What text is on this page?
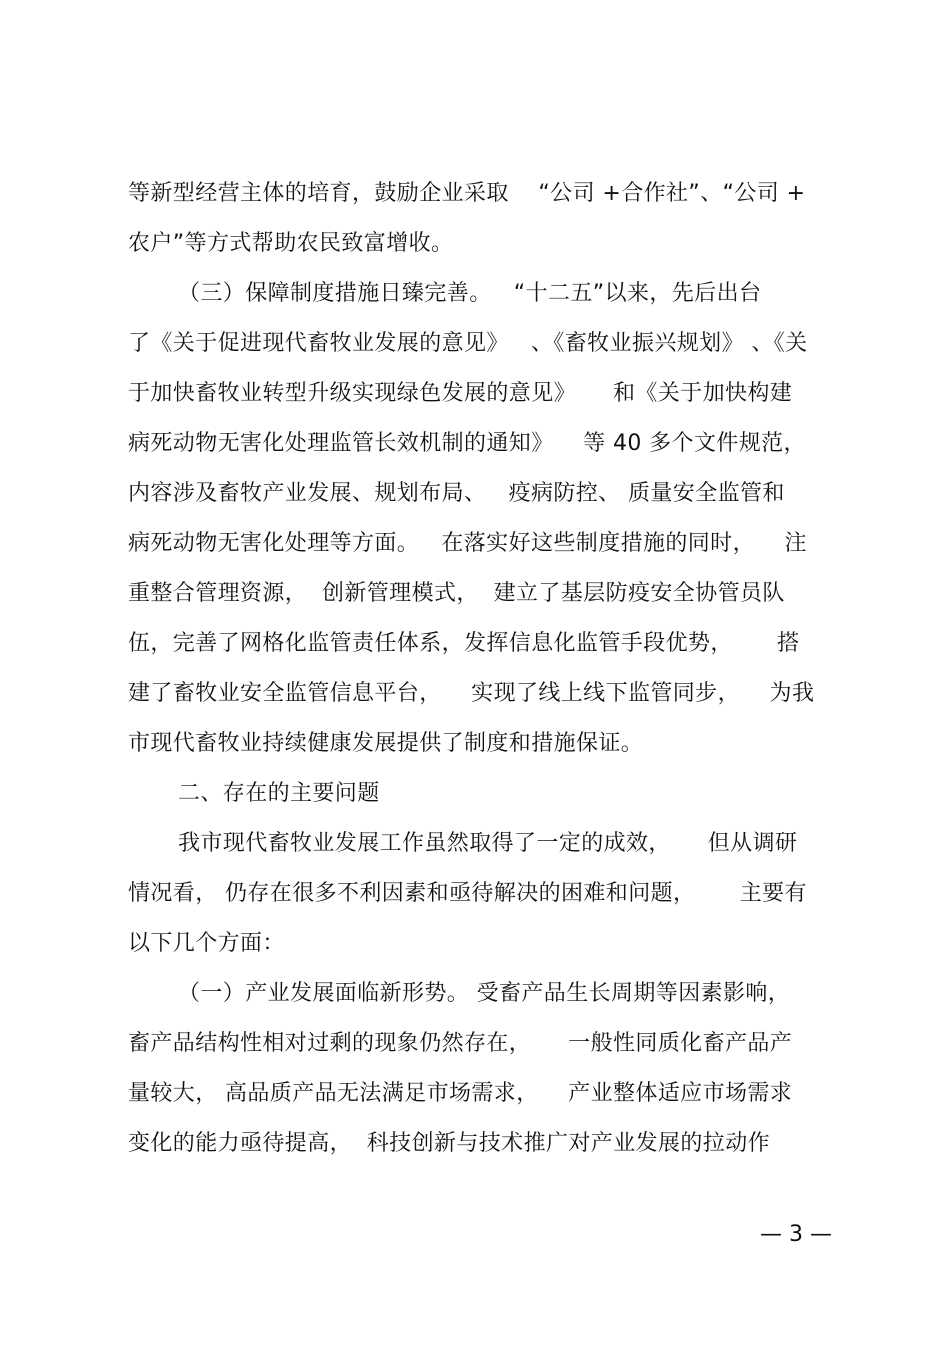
等新型经营主体的培育，鼓励企业采取    “公司 +合作社”、“公司 +
农户”等方式帮助农民致富增收。
（三）保障制度措施日臻完善。   “十二五”以来，先后出台
了《关于促进现代畜牧业发展的意见》   、《畜牧业振兴规划》 、《关
于加快畜牧业转型升级实现绿色发展的意见》     和《关于加快构建
病死动物无害化处理监管长效机制的通知》    等 40 多个文件规范，
内容涉及畜牧产业发展、规划布局、   疫病防控、 质量安全监管和
病死动物无害化处理等方面。   在落实好这些制度措施的同时，    注
重整合管理资源，  创新管理模式，  建立了基层防疫安全协管员队
伍，完善了网格化监管责任体系，发挥信息化监管手段优势，      搭
建了畜牧业安全监管信息平台，    实现了线上线下监管同步，    为我
市现代畜牧业持续健康发展提供了制度和措施保证。
二、存在的主要问题
我市现代畜牧业发展工作虽然取得了一定的成效，     但从调研
情况看， 仍存在很多不利因素和亟待解决的困难和问题，      主要有
以下几个方面：
（一）产业发展面临新形势。 受畜产品生长周期等因素影响，
畜产品结构性相对过剩的现象仍然存在，     一般性同质化畜产品产
量较大， 高品质产品无法满足市场需求，    产业整体适应市场需求
变化的能力亟待提高，  科技创新与技术推广对产业发展的拉动作
— 3 —
